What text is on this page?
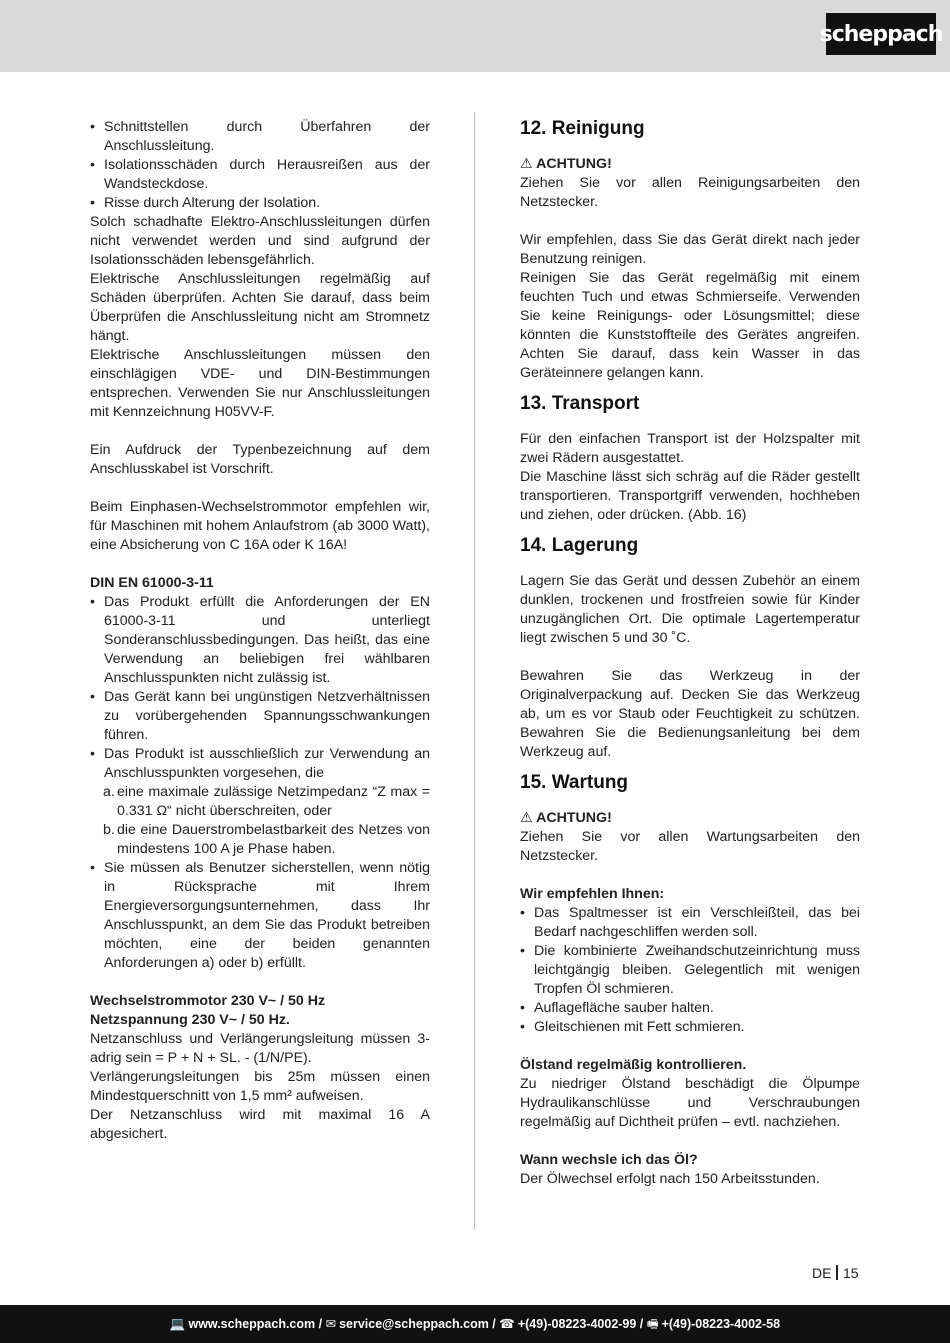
scheppach
• Schnittstellen durch Überfahren der Anschlussleitung.
• Isolationsschäden durch Herausreißen aus der Wandsteckdose.
• Risse durch Alterung der Isolation.

Solch schadhafte Elektro-Anschlussleitungen dürfen nicht verwendet werden und sind aufgrund der Isolationsschäden lebensgefährlich.

Elektrische Anschlussleitungen regelmäßig auf Schäden überprüfen. Achten Sie darauf, dass beim Überprüfen die Anschlussleitung nicht am Stromnetz hängt.

Elektrische Anschlussleitungen müssen den einschlägigen VDE- und DIN-Bestimmungen entsprechen. Verwenden Sie nur Anschlussleitungen mit Kennzeichnung H05VV-F.

Ein Aufdruck der Typenbezeichnung auf dem Anschlusskabel ist Vorschrift.

Beim Einphasen-Wechselstrommotor empfehlen wir, für Maschinen mit hohem Anlaufstrom (ab 3000 Watt), eine Absicherung von C 16A oder K 16A!

DIN EN 61000-3-11

• Das Produkt erfüllt die Anforderungen der EN 61000-3-11 und unterliegt Sonderanschlussbedingungen. Das heißt, das eine Verwendung an beliebigen frei wählbaren Anschlusspunkten nicht zulässig ist.
• Das Gerät kann bei ungünstigen Netzverhältnissen zu vorübergehenden Spannungsschwankungen führen.
• Das Produkt ist ausschließlich zur Verwendung an Anschlusspunkten vorgesehen, die
a. eine maximale zulässige Netzimpedanz “Z max = 0.331 Ω“ nicht überschreiten, oder
b. die eine Dauerstrombelastbarkeit des Netzes von mindestens 100 A je Phase haben.
• Sie müssen als Benutzer sicherstellen, wenn nötig in Rücksprache mit Ihrem Energieversorgungsunternehmen, dass Ihr Anschlusspunkt, an dem Sie das Produkt betreiben möchten, eine der beiden genannten Anforderungen a) oder b) erfüllt.

Wechselstrommotor 230 V~ / 50 Hz

Netzspannung 230 V~ / 50 Hz.

Netzanschluss und Verlängerungsleitung müssen 3-adrig sein = P + N + SL. - (1/N/PE).

Verlängerungsleitungen bis 25m müssen einen Mindestquerschnitt von 1,5 mm² aufweisen.

Der Netzanschluss wird mit maximal 16 A abgesichert.

12. Reinigung

⚠ ACHTUNG!

Ziehen Sie vor allen Reinigungsarbeiten den Netzstecker.

Wir empfehlen, dass Sie das Gerät direkt nach jeder Benutzung reinigen.

Reinigen Sie das Gerät regelmäßig mit einem feuchten Tuch und etwas Schmierseife. Verwenden Sie keine Reinigungs- oder Lösungsmittel; diese könnten die Kunststoffteile des Gerätes angreifen. Achten Sie darauf, dass kein Wasser in das Geräteinnere gelangen kann.

13. Transport

Für den einfachen Transport ist der Holzspalter mit zwei Rädern ausgestattet.

Die Maschine lässt sich schräg auf die Räder gestellt transportieren. Transportgriff verwenden, hochheben und ziehen, oder drücken. (Abb. 16)

14. Lagerung

Lagern Sie das Gerät und dessen Zubehör an einem dunklen, trockenen und frostfreien sowie für Kinder unzugänglichen Ort. Die optimale Lagertemperatur liegt zwischen 5 und 30 ˚C.

Bewahren Sie das Werkzeug in der Originalverpackung auf. Decken Sie das Werkzeug ab, um es vor Staub oder Feuchtigkeit zu schützen. Bewahren Sie die Bedienungsanleitung bei dem Werkzeug auf.

15. Wartung

⚠ ACHTUNG!

Ziehen Sie vor allen Wartungsarbeiten den Netzstecker.

Wir empfehlen Ihnen:

• Das Spaltmesser ist ein Verschleißteil, das bei Bedarf nachgeschliffen werden soll.
• Die kombinierte Zweihandschutzeinrichtung muss leichtgängig bleiben. Gelegentlich mit wenigen Tropfen Öl schmieren.
• Auflagefläche sauber halten.
• Gleitschienen mit Fett schmieren.

Ölstand regelmäßig kontrollieren.

Zu niedriger Ölstand beschädigt die Ölpumpe Hydraulikanschlüsse und Verschraubungen regelmäßig auf Dichtheit prüfen – evtl. nachziehen.

Wann wechsle ich das Öl?

Der Ölwechsel erfolgt nach 150 Arbeitsstunden.

DE 15
💻 www.scheppach.com / ✉ service@scheppach.com / ☎ +(49)-08223-4002-99 / 🖷 +(49)-08223-4002-58
